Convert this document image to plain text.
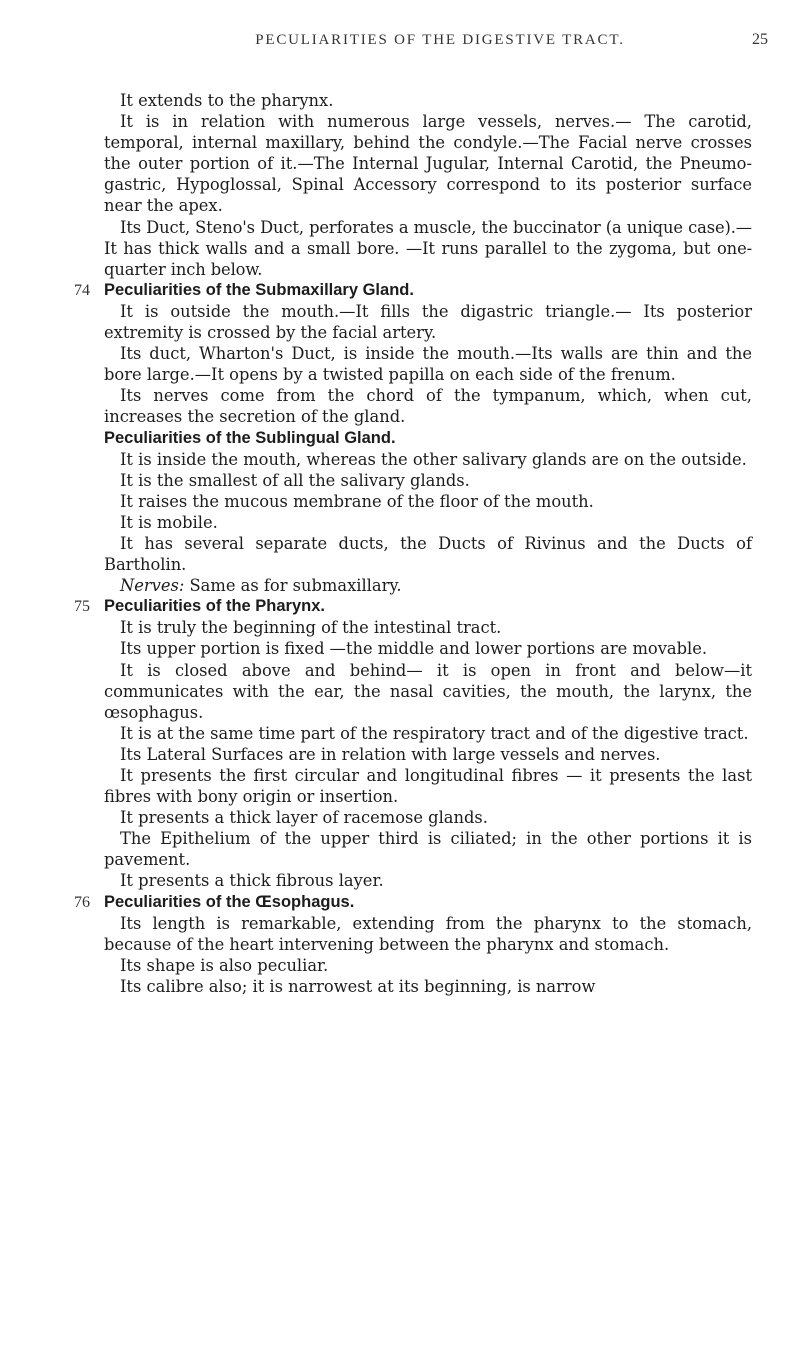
PECULIARITIES OF THE DIGESTIVE TRACT.	25

It extends to the pharynx.

It is in relation with numerous large vessels, nerves.— The carotid, temporal, internal maxillary, behind the condyle.—The Facial nerve crosses the outer portion of it.—The Internal Jugular, Internal Carotid, the Pneumo-gastric, Hypoglossal, Spinal Accessory correspond to its posterior surface near the apex.

Its Duct, Steno's Duct, perforates a muscle, the buccinator (a unique case).—It has thick walls and a small bore. —It runs parallel to the zygoma, but one-quarter inch below.

74 Peculiarities of the Submaxillary Gland.

It is outside the mouth.—It fills the digastric triangle.— Its posterior extremity is crossed by the facial artery.

Its duct, Wharton's Duct, is inside the mouth.—Its walls are thin and the bore large.—It opens by a twisted papilla on each side of the frenum.

Its nerves come from the chord of the tympanum, which, when cut, increases the secretion of the gland.

Peculiarities of the Sublingual Gland.

It is inside the mouth, whereas the other salivary glands are on the outside.

It is the smallest of all the salivary glands.

It raises the mucous membrane of the floor of the mouth.

It is mobile.

It has several separate ducts, the Ducts of Rivinus and the Ducts of Bartholin.

Nerves: Same as for submaxillary.

75 Peculiarities of the Pharynx.

It is truly the beginning of the intestinal tract.

Its upper portion is fixed —the middle and lower portions are movable.

It is closed above and behind— it is open in front and below—it communicates with the ear, the nasal cavities, the mouth, the larynx, the œsophagus.

It is at the same time part of the respiratory tract and of the digestive tract.

Its Lateral Surfaces are in relation with large vessels and nerves.

It presents the first circular and longitudinal fibres — it presents the last fibres with bony origin or insertion.

It presents a thick layer of racemose glands.

The Epithelium of the upper third is ciliated; in the other portions it is pavement.

It presents a thick fibrous layer.

76 Peculiarities of the Œsophagus.

Its length is remarkable, extending from the pharynx to the stomach, because of the heart intervening between the pharynx and stomach.

Its shape is also peculiar.

Its calibre also; it is narrowest at its beginning, is narrow
